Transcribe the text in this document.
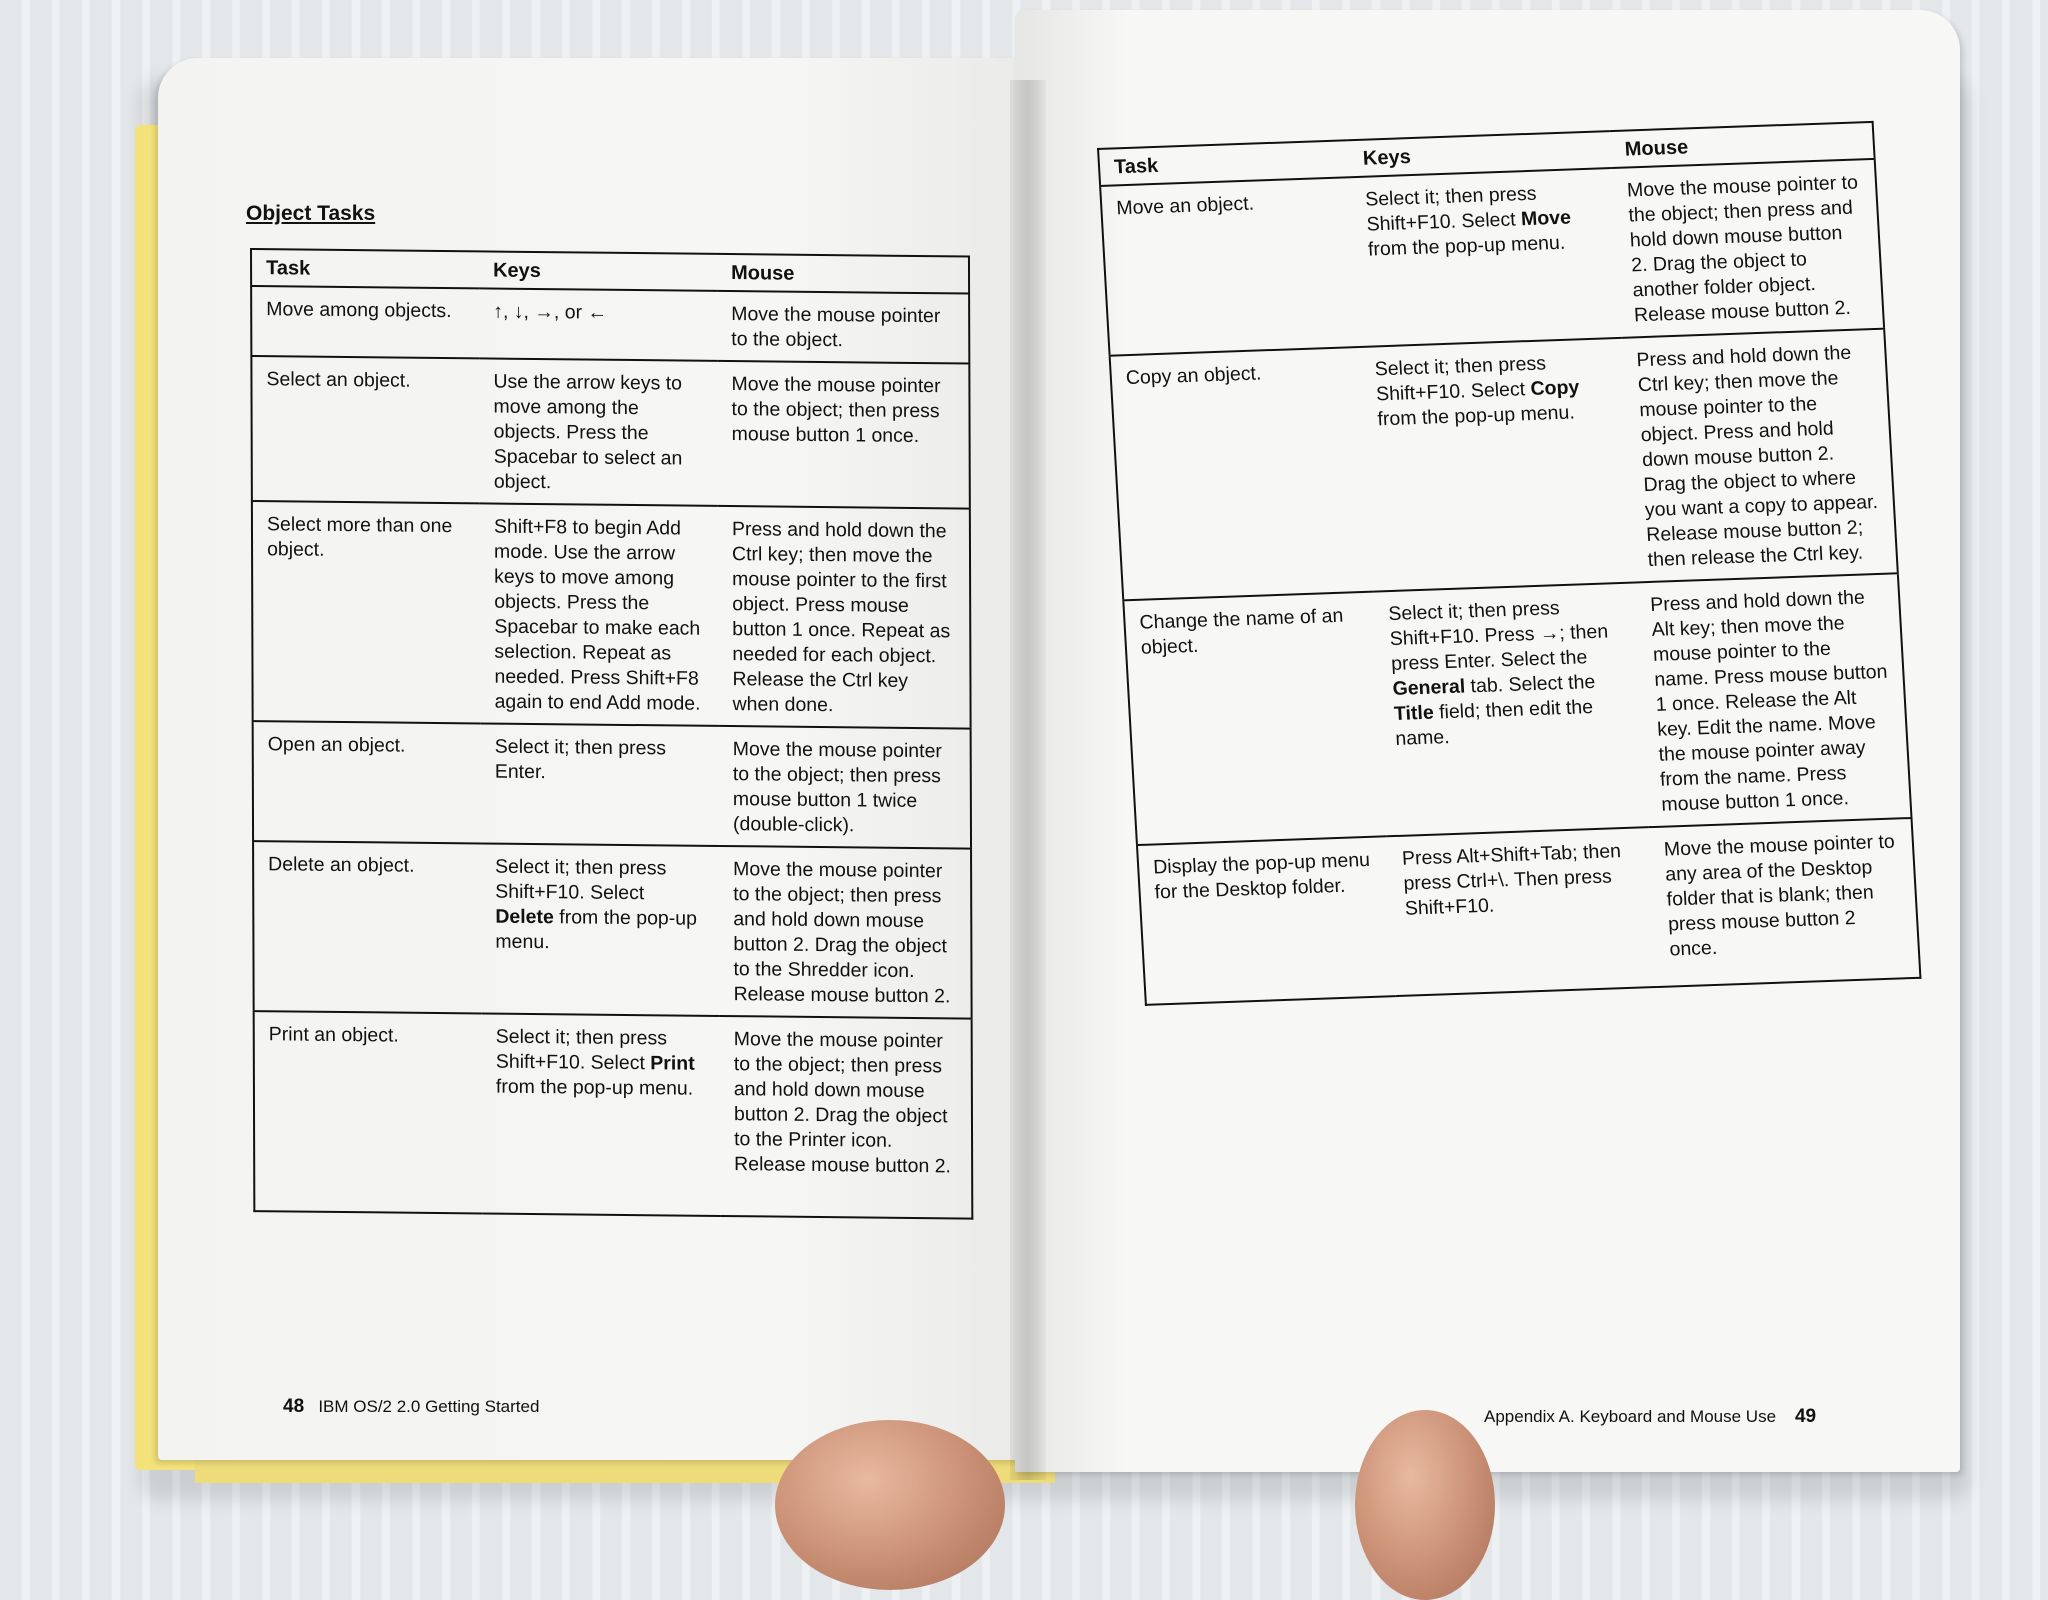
Object Tasks
Task	Keys	Mouse
Move among objects.	↑, ↓, →, or ←	Move the mouse pointer to the object.
Select an object.	Use the arrow keys to move among the objects. Press the Spacebar to select an object.	Move the mouse pointer to the object; then press mouse button 1 once.
Select more than one object.	Shift+F8 to begin Add mode. Use the arrow keys to move among objects. Press the Spacebar to make each selection. Repeat as needed. Press Shift+F8 again to end Add mode.	Press and hold down the Ctrl key; then move the mouse pointer to the first object. Press mouse button 1 once. Repeat as needed for each object. Release the Ctrl key when done.
Open an object.	Select it; then press Enter.	Move the mouse pointer to the object; then press mouse button 1 twice (double-click).
Delete an object.	Select it; then press Shift+F10. Select Delete from the pop-up menu.	Move the mouse pointer to the object; then press and hold down mouse button 2. Drag the object to the Shredder icon. Release mouse button 2.
Print an object.	Select it; then press Shift+F10. Select Print from the pop-up menu.	Move the mouse pointer to the object; then press and hold down mouse button 2. Drag the object to the Printer icon. Release mouse button 2.
48 IBM OS/2 2.0 Getting Started
Task	Keys	Mouse
Move an object.	Select it; then press Shift+F10. Select Move from the pop-up menu.	Move the mouse pointer to the object; then press and hold down mouse button 2. Drag the object to another folder object. Release mouse button 2.
Copy an object.	Select it; then press Shift+F10. Select Copy from the pop-up menu.	Press and hold down the Ctrl key; then move the mouse pointer to the object. Press and hold down mouse button 2. Drag the object to where you want a copy to appear. Release mouse button 2; then release the Ctrl key.
Change the name of an object.	Select it; then press Shift+F10. Press →; then press Enter. Select the General tab. Select the Title field; then edit the name.	Press and hold down the Alt key; then move the mouse pointer to the name. Press mouse button 1 once. Release the Alt key. Edit the name. Move the mouse pointer away from the name. Press mouse button 1 once.
Display the pop-up menu for the Desktop folder.	Press Alt+Shift+Tab; then press Ctrl+\. Then press Shift+F10.	Move the mouse pointer to any area of the Desktop folder that is blank; then press mouse button 2 once.
Appendix A. Keyboard and Mouse Use 49
